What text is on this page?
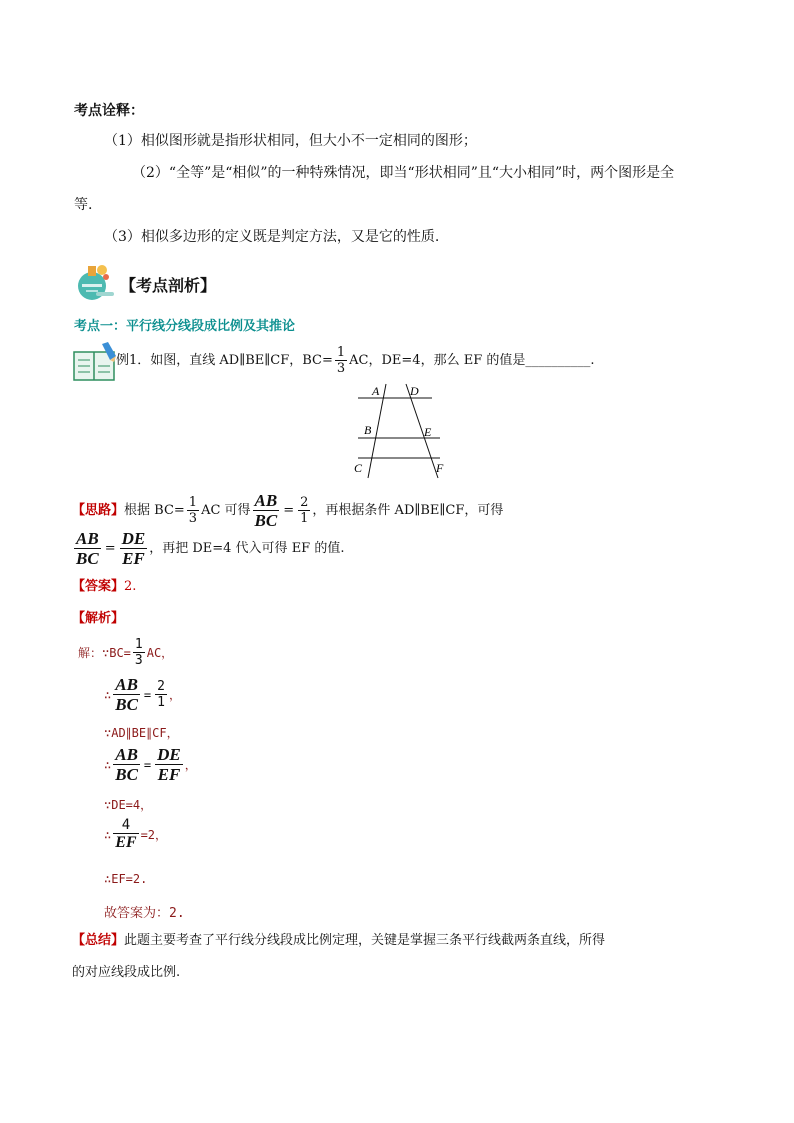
考点诠释：
（1）相似图形就是指形状相同，但大小不一定相同的图形；
（2）“全等”是“相似”的一种特殊情况，即当“形状相同”且“大小相同”时，两个图形是全
等.
（3）相似多边形的定义既是判定方法，又是它的性质.
【考点剖析】
考点一：平行线分线段成比例及其推论
例1．如图，直线 AD∥BE∥CF，$BC= \frac{1}{3}$ AC，DE=4，那么 EF 的值是__________.
A	D
B	E
C	F
【思路】 根据 $BC= \frac{1}{3}$ AC 可得 $\frac{AB}{BC} = \frac{2}{1}$ ，再根据条件 AD∥BE∥CF，可得
$\frac{AB}{BC} = \frac{DE}{EF}$ ，再把 DE=4 代入可得 EF 的值.
【答案】2.
【解析】
解：∵BC= $\frac{1}{3}$ AC，
∴ $\frac{AB}{BC} = \frac{2}{1}$ ，
∵AD∥BE∥CF，
∴ $\frac{AB}{BC} = \frac{DE}{EF}$ ，
∵DE=4，
∴ $\frac{4}{EF} =2$，
∴EF=2.
故答案为：2.
【总结】此题主要考查了平行线分线段成比例定理，关键是掌握三条平行线截两条直线，所得
的对应线段成比例.
